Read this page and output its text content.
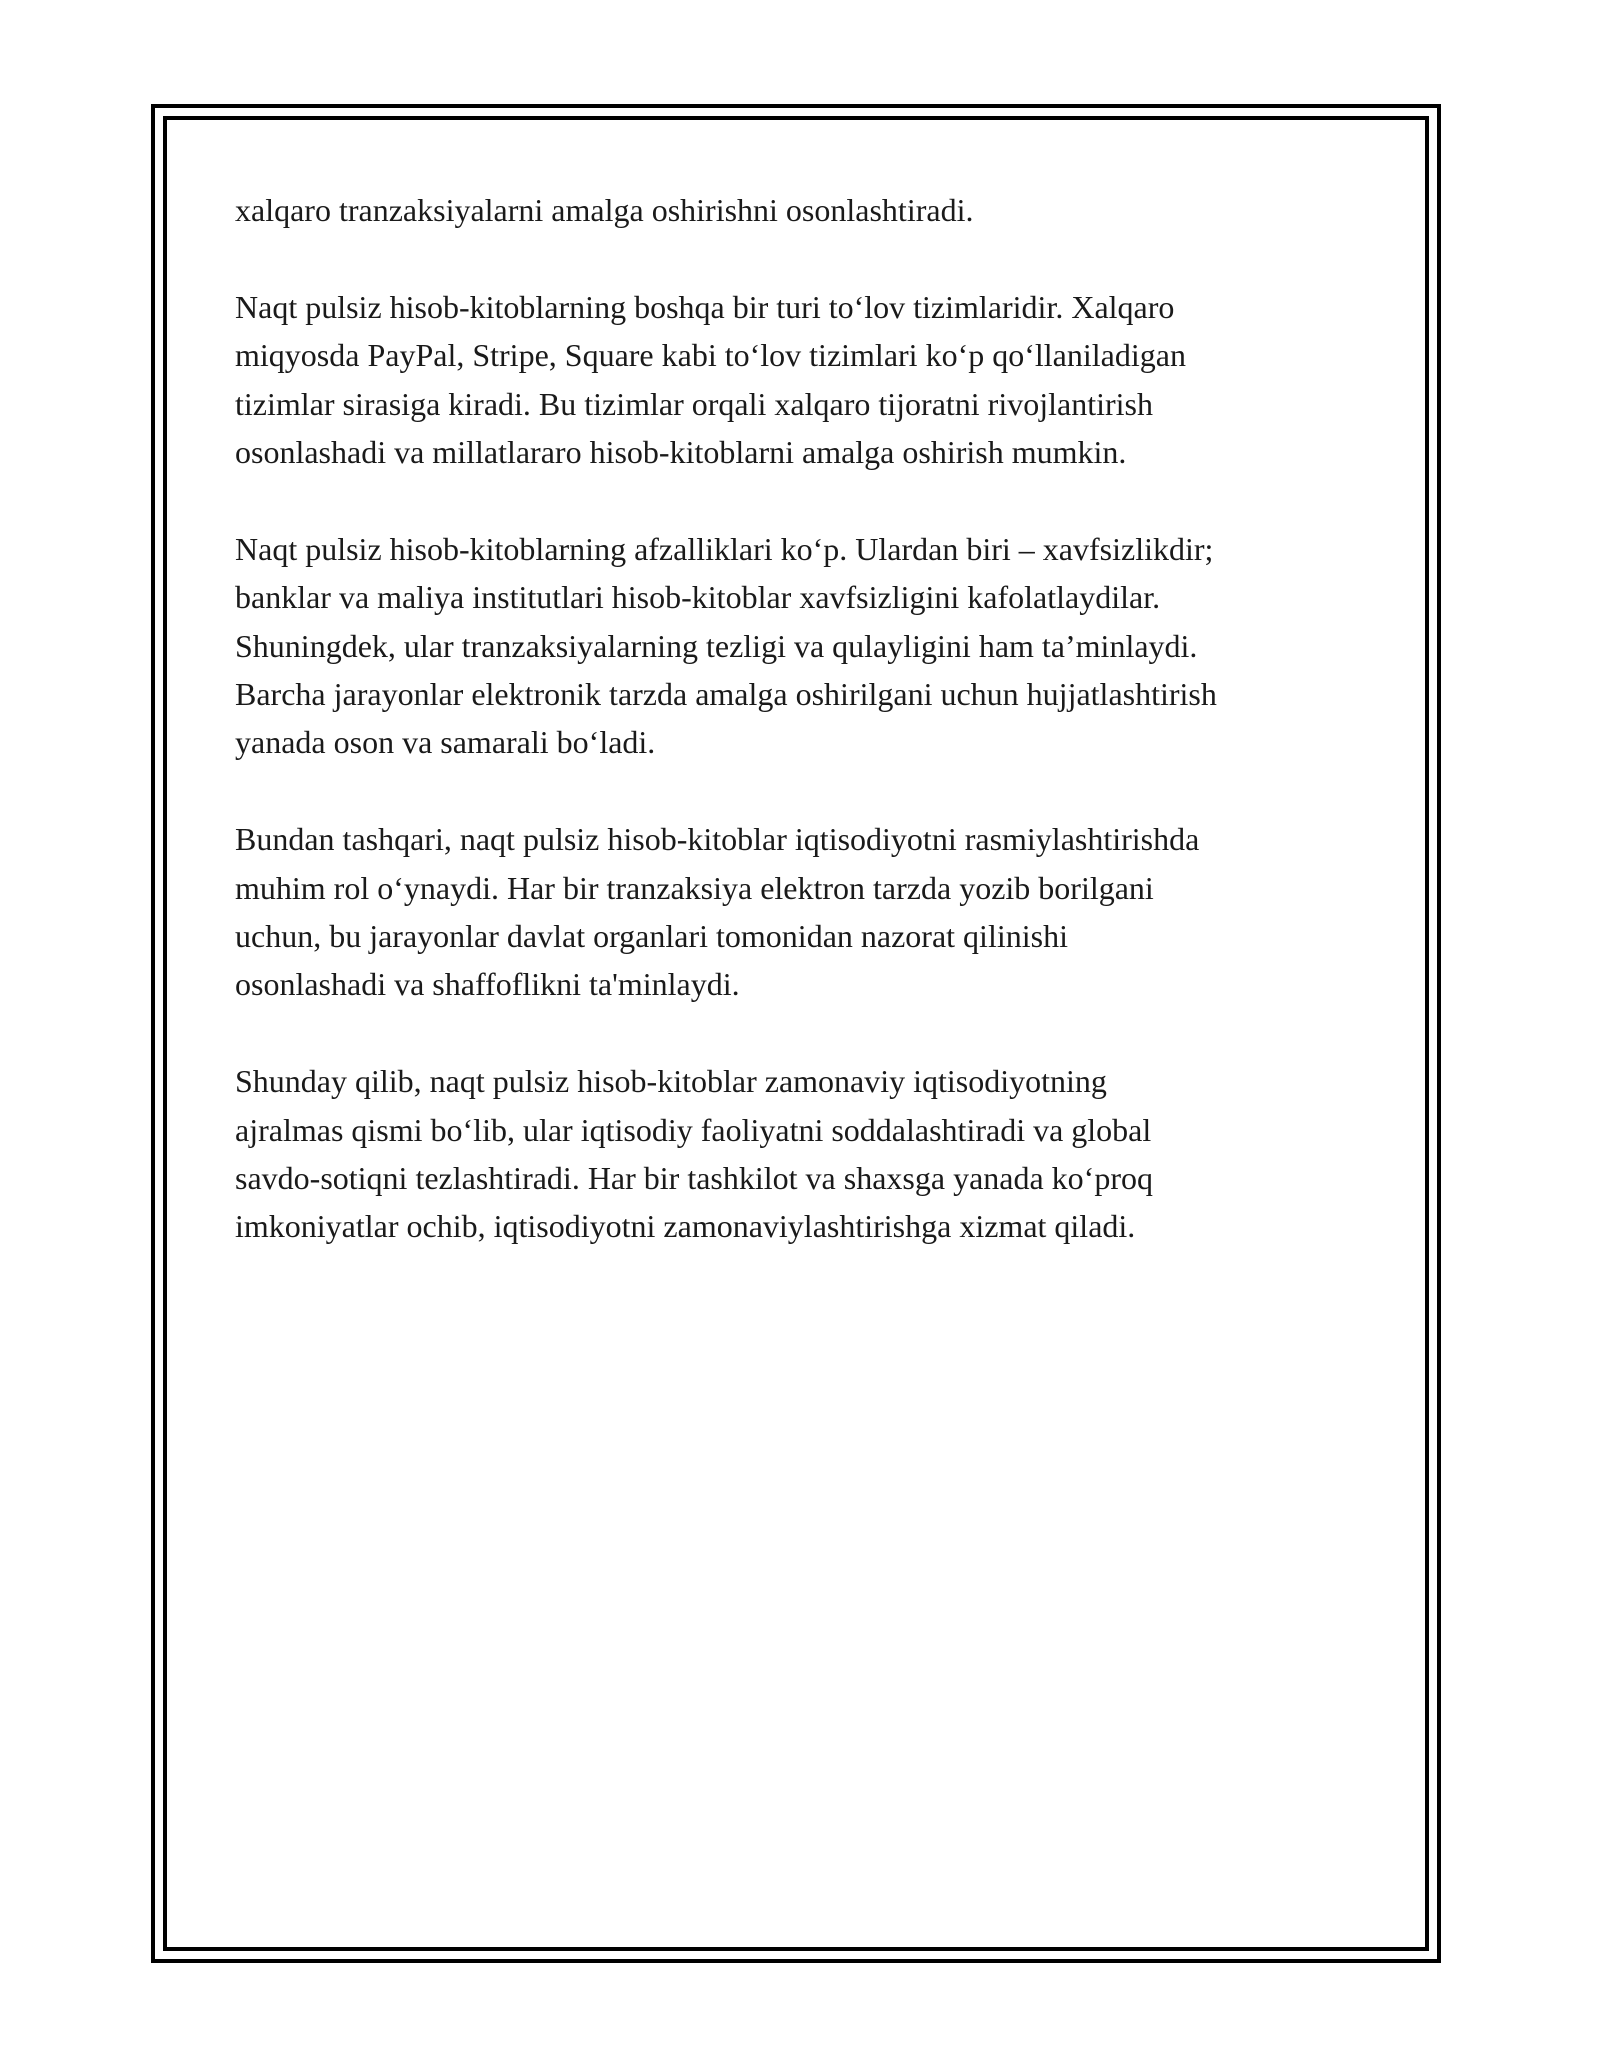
xalqaro tranzaksiyalarni amalga oshirishni osonlashtiradi.

Naqt pulsiz hisob-kitoblarning boshqa bir turi to‘lov tizimlaridir. Xalqaro
miqyosda PayPal, Stripe, Square kabi to‘lov tizimlari ko‘p qo‘llaniladigan
tizimlar sirasiga kiradi. Bu tizimlar orqali xalqaro tijoratni rivojlantirish
osonlashadi va millatlararo hisob-kitoblarni amalga oshirish mumkin.

Naqt pulsiz hisob-kitoblarning afzalliklari ko‘p. Ulardan biri – xavfsizlikdir;
banklar va maliya institutlari hisob-kitoblar xavfsizligini kafolatlaydilar.
Shuningdek, ular tranzaksiyalarning tezligi va qulayligini ham ta’minlaydi.
Barcha jarayonlar elektronik tarzda amalga oshirilgani uchun hujjatlashtirish
yanada oson va samarali bo‘ladi.

Bundan tashqari, naqt pulsiz hisob-kitoblar iqtisodiyotni rasmiylashtirishda
muhim rol o‘ynaydi. Har bir tranzaksiya elektron tarzda yozib borilgani
uchun, bu jarayonlar davlat organlari tomonidan nazorat qilinishi
osonlashadi va shaffoflikni ta'minlaydi.

Shunday qilib, naqt pulsiz hisob-kitoblar zamonaviy iqtisodiyotning
ajralmas qismi bo‘lib, ular iqtisodiy faoliyatni soddalashtiradi va global
savdo-sotiqni tezlashtiradi. Har bir tashkilot va shaxsga yanada ko‘proq
imkoniyatlar ochib, iqtisodiyotni zamonaviylashtirishga xizmat qiladi.
